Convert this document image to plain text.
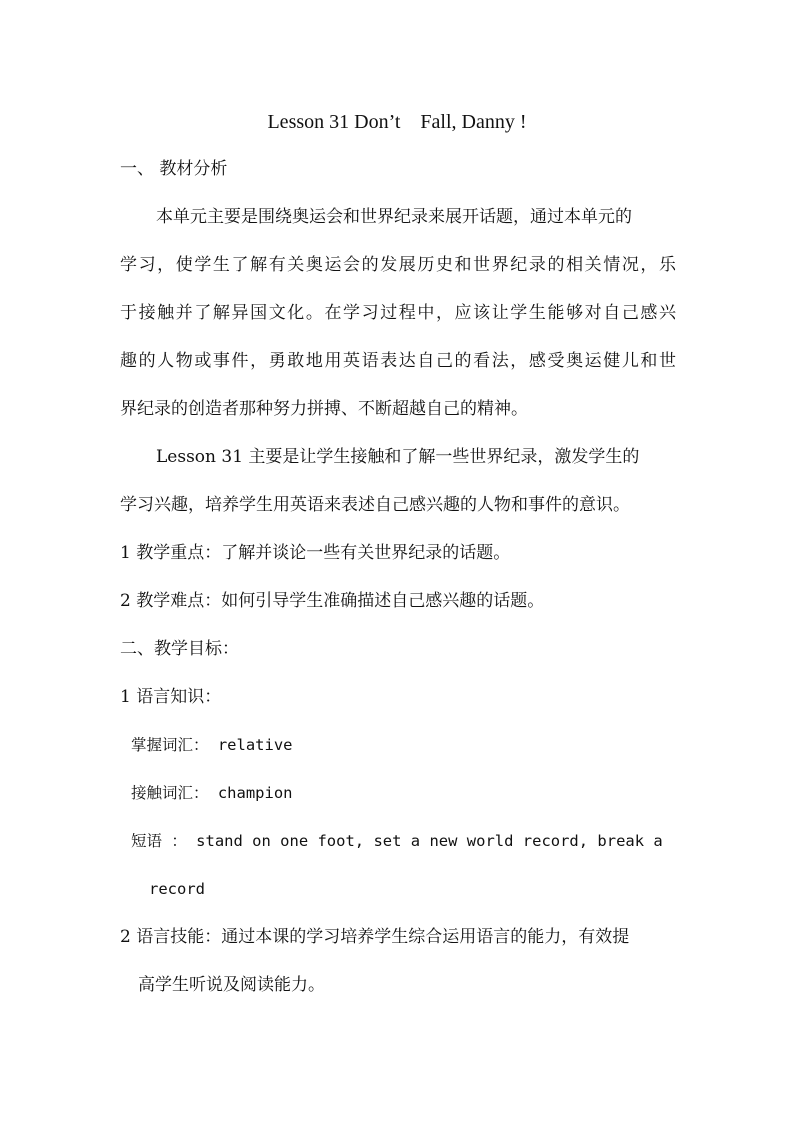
Lesson 31 Don’t    Fall, Danny !
一、 教材分析
本单元主要是围绕奥运会和世界纪录来展开话题，通过本单元的
学习，使学生了解有关奥运会的发展历史和世界纪录的相关情况，乐
于接触并了解异国文化。在学习过程中，应该让学生能够对自己感兴
趣的人物或事件，勇敢地用英语表达自己的看法，感受奥运健儿和世
界纪录的创造者那种努力拼搏、不断超越自己的精神。
Lesson 31 主要是让学生接触和了解一些世界纪录，激发学生的
学习兴趣，培养学生用英语来表述自己感兴趣的人物和事件的意识。
1 教学重点：了解并谈论一些有关世界纪录的话题。
2 教学难点：如何引导学生准确描述自己感兴趣的话题。
二、教学目标：
1 语言知识：
掌握词汇： relative
接触词汇： champion
短语 ： stand on one foot, set a new world record, break a
record
2 语言技能：通过本课的学习培养学生综合运用语言的能力，有效提
高学生听说及阅读能力。
